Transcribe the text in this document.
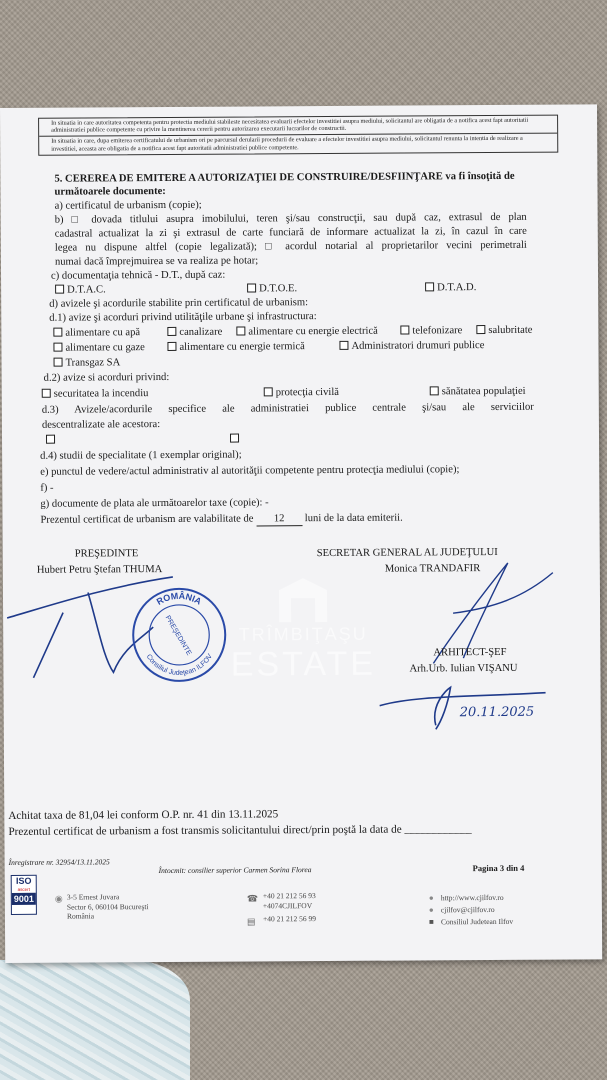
In situatia in care autoritatea competenta pentru protectia mediului stabileste necesitatea evaluarii efectelor investitiei asupra mediului, solicitantul are obligatia de a notifica acest fapt autoritatii administratiei publice competente cu privire la mentinerea cererii pentru autorizarea executarii lucrarilor de constructii.
In situatia in care, dupa emiterea certificatului de urbanism ori pe parcursul derularii procedurii de evaluare a efectelor investitiei asupra mediului, solicitantul renunta la intentia de realizare a investitiei, aceasta are obligatia de a notifica acest fapt autoritatii administratiei publice competente.
5. CEREREA DE EMITERE A AUTORIZAŢIEI DE CONSTRUIRE/DESFIINŢARE va fi însoţită de
următoarele documente:
a) certificatul de urbanism (copie);
b) □ dovada titlului asupra imobilului, teren şi/sau construcţii, sau după caz, extrasul de plan
cadastral actualizat la zi şi extrasul de carte funciară de informare actualizat la zi, în cazul în care
legea nu dispune altfel (copie legalizată); □ acordul notarial al proprietarilor vecini perimetrali
numai dacă împrejmuirea se va realiza pe hotar;
c) documentaţia tehnică - D.T., după caz:
D.T.A.C.	D.T.O.E.	D.T.A.D.
d) avizele şi acordurile stabilite prin certificatul de urbanism:
d.1) avize şi acorduri privind utilităţile urbane şi infrastructura:
alimentare cu apă	canalizare	alimentare cu energie electrică	telefonizare	salubritate
alimentare cu gaze	alimentare cu energie termică	Administratori drumuri publice
Transgaz SA
d.2) avize si acorduri privind:
securitatea la incendiu	protecţia civilă	sănătatea populaţiei
d.3) Avizele/acordurile specifice ale administratiei publice centrale şi/sau ale serviciilor
descentralizate ale acestora:
d.4) studii de specialitate (1 exemplar original);
e) punctul de vedere/actul administrativ al autorităţii competente pentru protecţia mediului (copie);
f) -
g) documente de plata ale următoarelor taxe (copie): -
Prezentul certificat de urbanism are valabilitate de 12 luni de la data emiterii.
TRÎMBIŢAŞU
ESTATE
PREŞEDINTE
Hubert Petru Ştefan THUMA
SECRETAR GENERAL AL JUDEŢULUI
Monica TRANDAFIR
ROMÂNIA
Consiliul Judeţean ILFOV
PREŞEDINTE	ARHITECT-ŞEF
Arh.Urb. Iulian VIŞANU
20.11.2025
Achitat taxa de 81,04 lei conform O.P. nr. 41 din 13.11.2025
Prezentul certificat de urbanism a fost transmis solicitantului direct/prin poştă la data de ____________
Înregistrare nr. 32954/13.11.2025
Întocmit: consilier superior Carmen Sorina Florea	Pagina 3 din 4
ISO
ascert
9001 ◉ 3-5 Ernest Juvara
Sector 6, 060104 Bucureşti
România
☎
▤
+40 21 212 56 93
+4074CJILFOV
+40 21 212 56 99
●
●
■
http://www.cjilfov.ro
cjilfov@cjilfov.ro
Consiliul Judetean Ilfov
